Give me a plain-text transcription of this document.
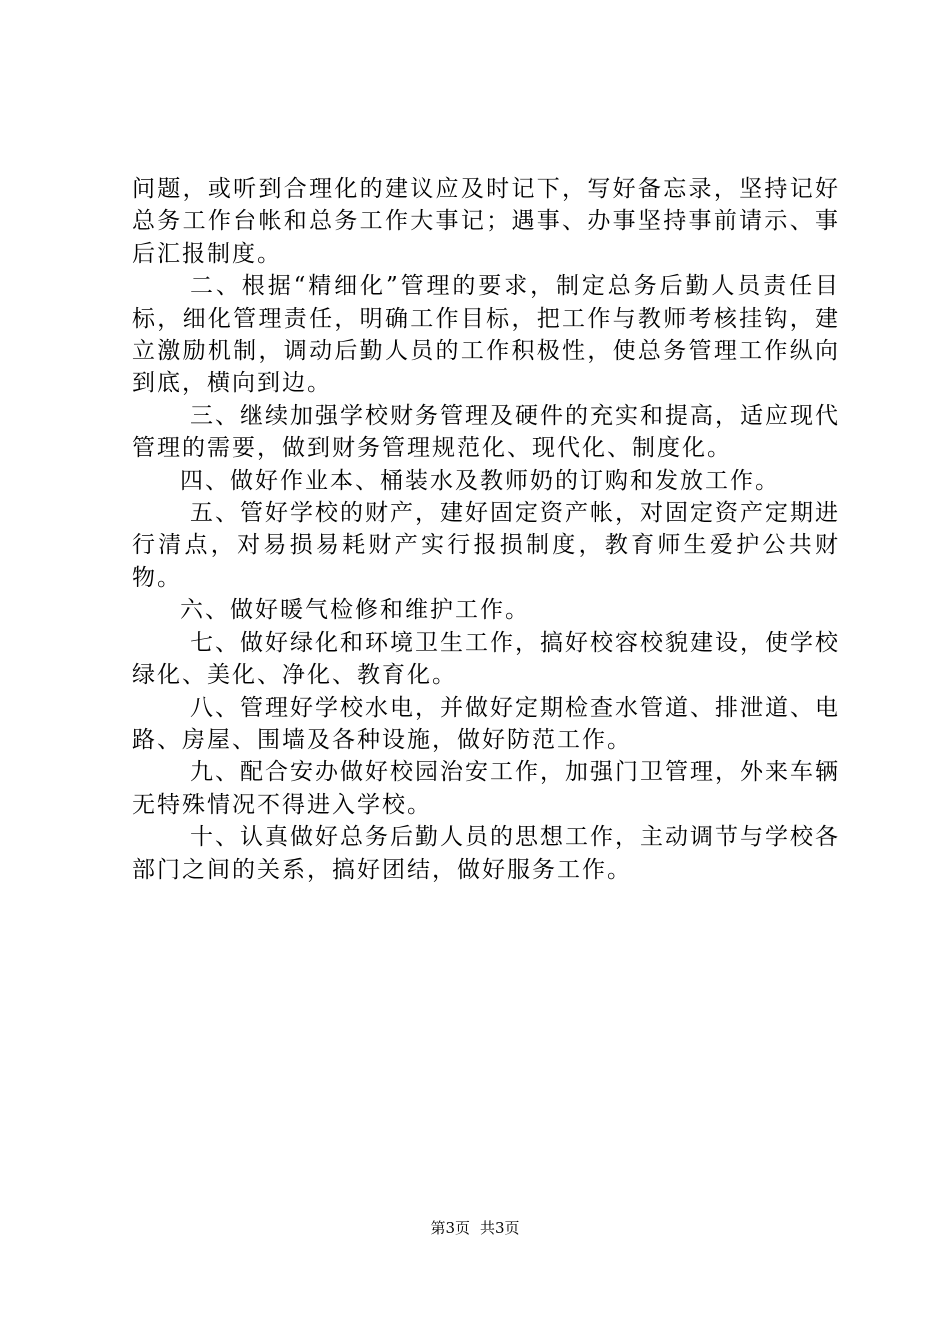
问题，或听到合理化的建议应及时记下，写好备忘录，坚持记好总务工作台帐和总务工作大事记；遇事、办事坚持事前请示、事后汇报制度。

二、根据“精细化”管理的要求，制定总务后勤人员责任目标，细化管理责任，明确工作目标，把工作与教师考核挂钩，建立激励机制，调动后勤人员的工作积极性，使总务管理工作纵向到底，横向到边。

三、继续加强学校财务管理及硬件的充实和提高，适应现代管理的需要，做到财务管理规范化、现代化、制度化。

四、做好作业本、桶装水及教师奶的订购和发放工作。

五、管好学校的财产，建好固定资产帐，对固定资产定期进行清点，对易损易耗财产实行报损制度，教育师生爱护公共财物。

六、做好暖气检修和维护工作。

七、做好绿化和环境卫生工作，搞好校容校貌建设，使学校绿化、美化、净化、教育化。

八、管理好学校水电，并做好定期检查水管道、排泄道、电路、房屋、围墙及各种设施，做好防范工作。

九、配合安办做好校园治安工作，加强门卫管理，外来车辆无特殊情况不得进入学校。

十、认真做好总务后勤人员的思想工作，主动调节与学校各部门之间的关系，搞好团结，做好服务工作。

第3页 共3页
